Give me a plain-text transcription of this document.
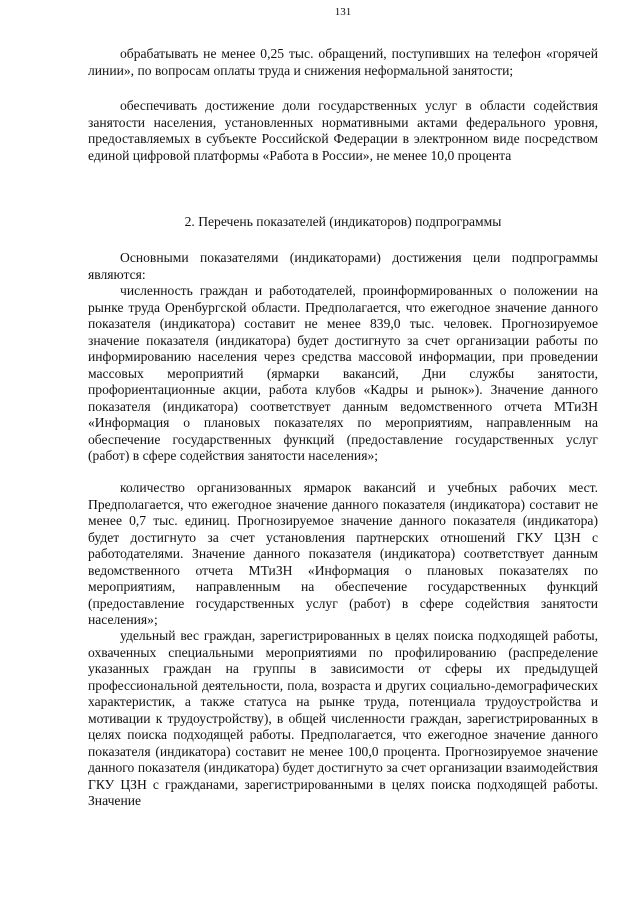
131

обрабатывать не менее 0,25 тыс. обращений, поступивших на телефон «горячей линии», по вопросам оплаты труда и снижения неформальной занятости;

обеспечивать достижение доли государственных услуг в области содействия занятости населения, установленных нормативными актами федерального уровня, предоставляемых в субъекте Российской Федерации в электронном виде посредством единой цифровой платформы «Работа в России», не менее 10,0 процента

2. Перечень показателей (индикаторов) подпрограммы

Основными показателями (индикаторами) достижения цели подпрограммы являются:

численность граждан и работодателей, проинформированных о положении на рынке труда Оренбургской области. Предполагается, что ежегодное значение данного показателя (индикатора) составит не менее 839,0 тыс. человек. Прогнозируемое значение показателя (индикатора) будет достигнуто за счет организации работы по информированию населения через средства массовой информации, при проведении массовых мероприятий (ярмарки вакансий, Дни службы занятости, профориентационные акции, работа клубов «Кадры и рынок»). Значение данного показателя (индикатора) соответствует данным ведомственного отчета МТиЗН «Информация о плановых показателях по мероприятиям, направленным на обеспечение государственных функций (предоставление государственных услуг (работ) в сфере содействия занятости населения»;

количество организованных ярмарок вакансий и учебных рабочих мест. Предполагается, что ежегодное значение данного показателя (индикатора) составит не менее 0,7 тыс. единиц. Прогнозируемое значение данного показателя (индикатора) будет достигнуто за счет установления партнерских отношений ГКУ ЦЗН с работодателями. Значение данного показателя (индикатора) соответствует данным ведомственного отчета МТиЗН «Информация о плановых показателях по мероприятиям, направленным на обеспечение государственных функций (предоставление государственных услуг (работ) в сфере содействия занятости населения»;

удельный вес граждан, зарегистрированных в целях поиска подходящей работы, охваченных специальными мероприятиями по профилированию (распределение указанных граждан на группы в зависимости от сферы их предыдущей профессиональной деятельности, пола, возраста и других социально-демографических характеристик, а также статуса на рынке труда, потенциала трудоустройства и мотивации к трудоустройству), в общей численности граждан, зарегистрированных в целях поиска подходящей работы. Предполагается, что ежегодное значение данного показателя (индикатора) составит не менее 100,0 процента. Прогнозируемое значение данного показателя (индикатора) будет достигнуто за счет организации взаимодействия ГКУ ЦЗН с гражданами, зарегистрированными в целях поиска подходящей работы. Значение
